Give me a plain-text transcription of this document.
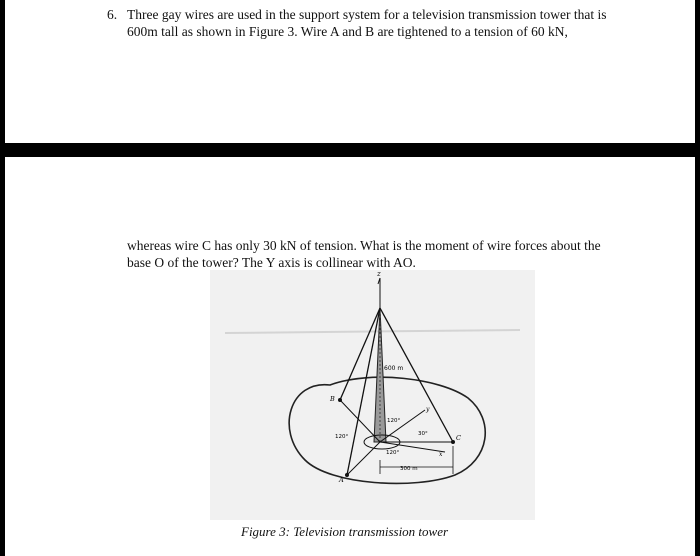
6. Three gay wires are used in the support system for a television transmission tower that is
600m tall as shown in Figure 3. Wire A and B are tightened to a tension of 60 kN,
whereas wire C has only 30 kN of tension. What is the moment of wire forces about the
base O of the tower? The Y axis is collinear with AO.
z
600 m
B
120°
120°
y
C
30°
120°	x
A
300 m
Figure 3: Television transmission tower
